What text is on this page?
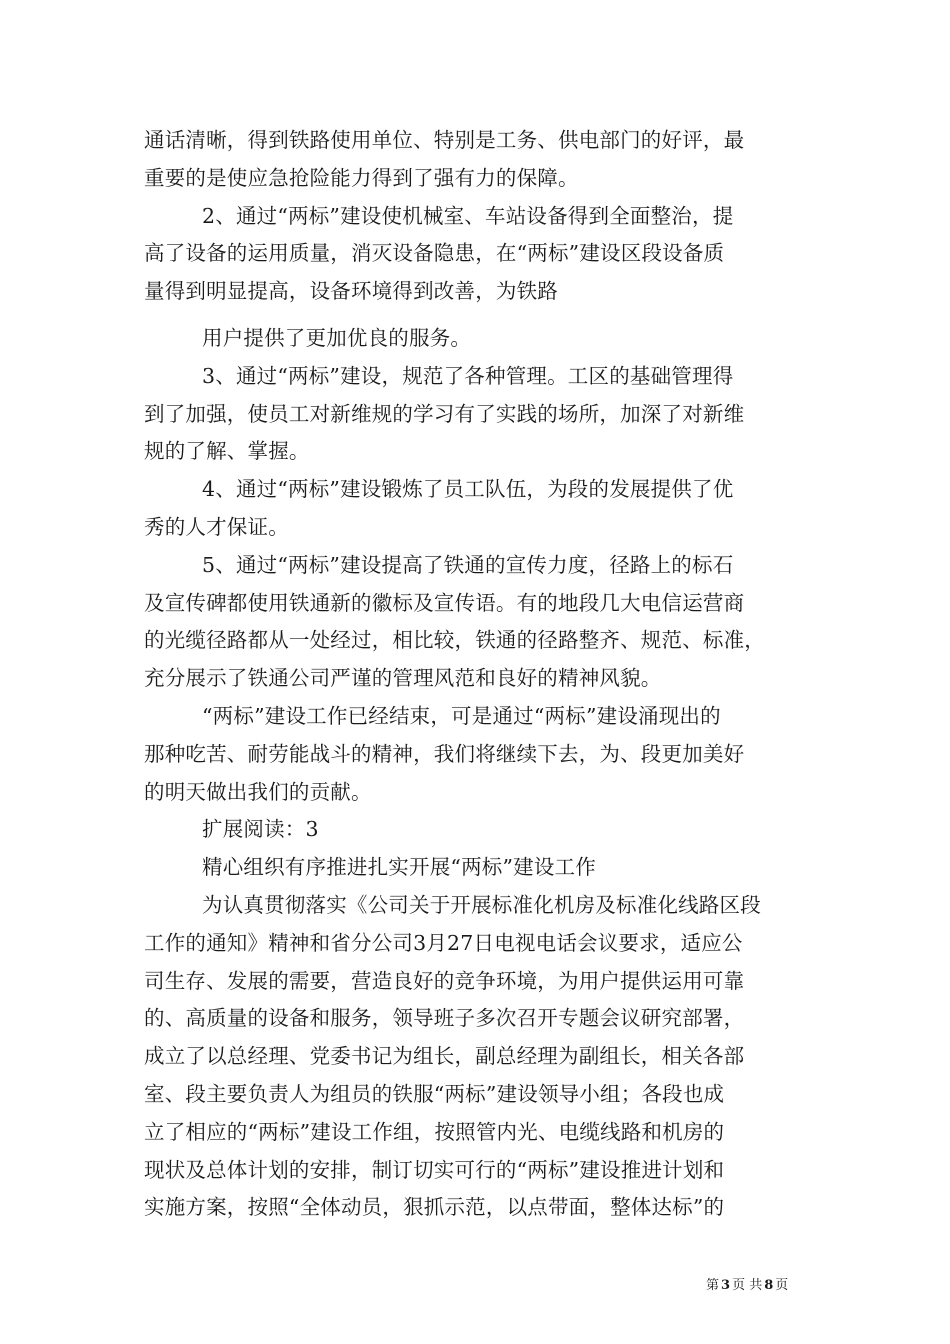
通话清晰，得到铁路使用单位、特别是工务、供电部门的好评，最
重要的是使应急抢险能力得到了强有力的保障。
2、通过“两标”建设使机械室、车站设备得到全面整治，提
高了设备的运用质量，消灭设备隐患，在“两标”建设区段设备质
量得到明显提高，设备环境得到改善，为铁路
用户提供了更加优良的服务。
3、通过“两标”建设，规范了各种管理。工区的基础管理得
到了加强，使员工对新维规的学习有了实践的场所，加深了对新维
规的了解、掌握。
4、通过“两标”建设锻炼了员工队伍，为段的发展提供了优
秀的人才保证。
5、通过“两标”建设提高了铁通的宣传力度，径路上的标石
及宣传碑都使用铁通新的徽标及宣传语。有的地段几大电信运营商
的光缆径路都从一处经过，相比较，铁通的径路整齐、规范、标准，
充分展示了铁通公司严谨的管理风范和良好的精神风貌。
“两标”建设工作已经结束，可是通过“两标”建设涌现出的
那种吃苦、耐劳能战斗的精神，我们将继续下去，为、段更加美好
的明天做出我们的贡献。
扩展阅读：3
精心组织有序推进扎实开展“两标”建设工作
为认真贯彻落实《公司关于开展标准化机房及标准化线路区段
工作的通知》精神和省分公司3月27日电视电话会议要求，适应公
司生存、发展的需要，营造良好的竞争环境，为用户提供运用可靠
的、高质量的设备和服务，领导班子多次召开专题会议研究部署，
成立了以总经理、党委书记为组长，副总经理为副组长，相关各部
室、段主要负责人为组员的铁服“两标”建设领导小组；各段也成
立了相应的“两标”建设工作组，按照管内光、电缆线路和机房的
现状及总体计划的安排，制订切实可行的“两标”建设推进计划和
实施方案，按照“全体动员，狠抓示范，以点带面，整体达标”的
第 3 页 共 8 页
